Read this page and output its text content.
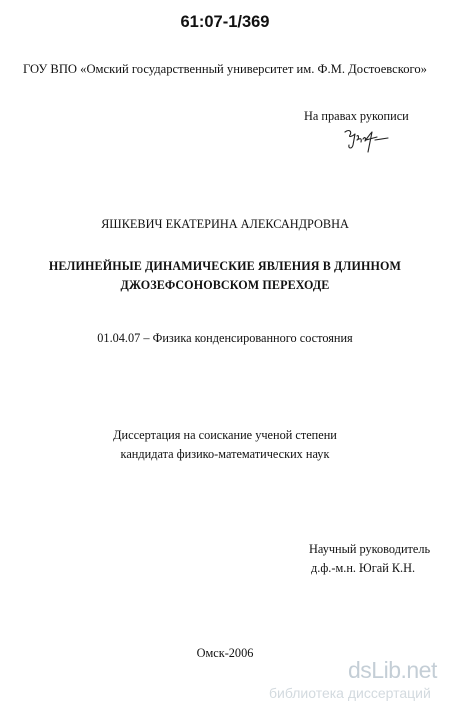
61:07-1/369
ГОУ ВПО «Омский государственный университет им. Ф.М. Достоевского»
На правах рукописи
ЯШКЕВИЧ ЕКАТЕРИНА АЛЕКСАНДРОВНА
НЕЛИНЕЙНЫЕ ДИНАМИЧЕСКИЕ ЯВЛЕНИЯ В ДЛИННОМ
ДЖОЗЕФСОНОВСКОМ ПЕРЕХОДЕ
01.04.07 – Физика конденсированного состояния
Диссертация на соискание ученой степени
кандидата физико-математических наук
Научный руководитель
д.ф.-м.н. Югай К.Н.
Омск-2006
dsLib.net
библиотека диссертаций
